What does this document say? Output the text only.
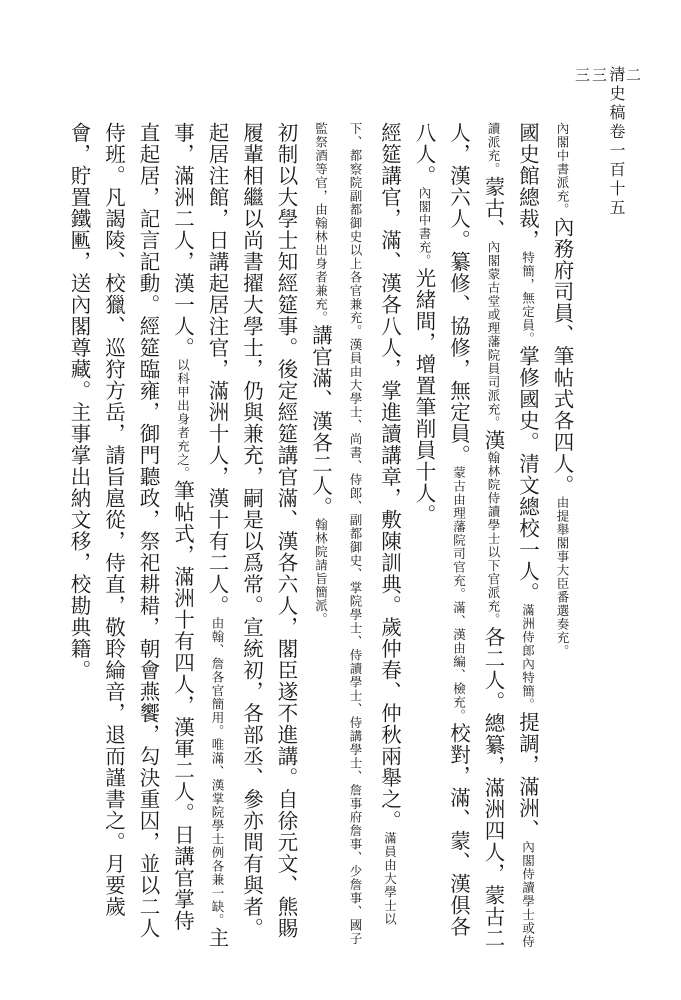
清史稿卷一百十五
三三一二
內閣中書派充。內務府司員、筆帖式各四人。由提舉閣事大臣番選奏充。
國史館總裁，特簡，無定員。掌修國史。清文總校一人。滿洲侍郎內特簡。提調，滿洲、內閣侍讀學士或侍讀派充。蒙古、內閣蒙古堂或理藩院員司派充。漢翰林院侍讀學士以下官派充。各二人。總纂，滿洲四人，蒙古二人，漢六人。纂修、協修，無定員。蒙古由理藩院司官充。滿、漢由編、檢充。校對，滿、蒙、漢俱各八人。內閣中書充。光緒間，增置筆削員十人。
經筵講官，滿、漢各八人，掌進讀講章，敷陳訓典。歲仲春、仲秋兩舉之。滿員由大學士以下、都察院副都御史以上各官兼充。漢員由大學士、尚書、侍郎、副都御史、掌院學士、侍讀學士、侍講學士、詹事府詹事、少詹事、國子監祭酒等官，由翰林出身者兼充。講官滿、漢各二人。翰林院請旨簡派。
初制以大學士知經筵事。後定經筵講官滿、漢各六人，閣臣遂不進講。自徐元文、熊賜履輩相繼以尚書擢大學士，仍與兼充，嗣是以爲常。宣統初，各部丞、參亦間有與者。
起居注館，日講起居注官，滿洲十人，漢十有二人。由翰、詹各官簡用。唯滿、漢掌院學士例各兼一缺。主事，滿洲二人，漢一人。以科甲出身者充之。筆帖式，滿洲十有四人，漢軍二人。日講官掌侍直起居，記言記動。經筵臨雍，御門聽政，祭祀耕耤，朝會燕饗，勾決重囚，並以二人侍班。凡謁陵、校獵、巡狩方岳，請旨扈從，侍直，敬聆綸音，退而謹書之。月要歲會，貯置鐵匭，送內閣尊藏。主事掌出納文移，校勘典籍。
